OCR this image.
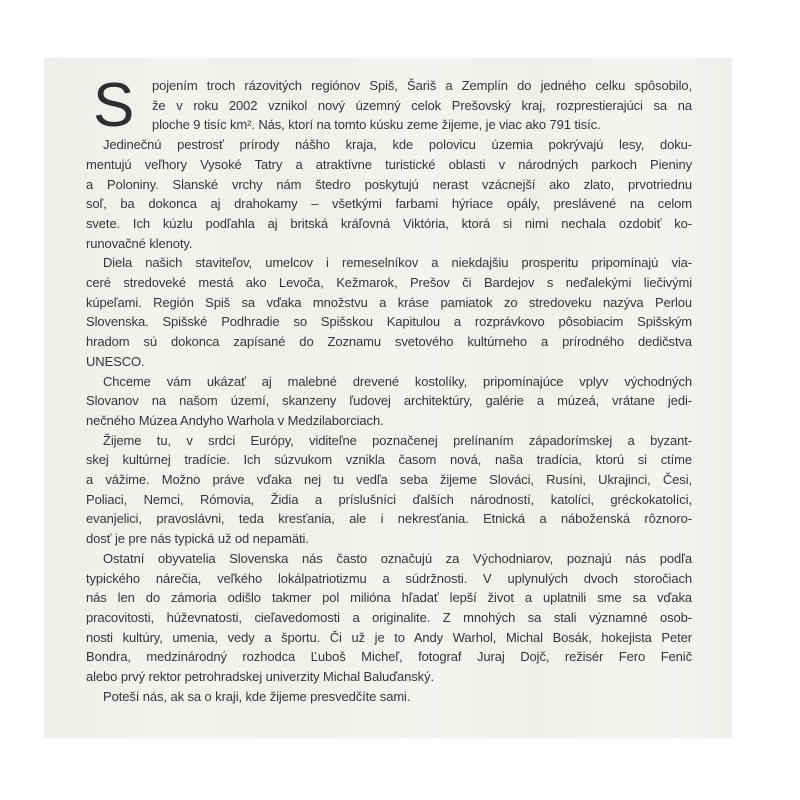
S	pojením troch rázovitých regiónov Spiš, Šariš a Zemplín do jedného celku spôsobilo,
že v roku 2002 vznikol nový územný celok Prešovský kraj, rozprestierajúci sa na
ploche 9 tisíc km². Nás, ktorí na tomto kúsku zeme žijeme, je viac ako 791 tisíc.
Jedinečnú pestrosť prírody nášho kraja, kde polovicu územia pokrývajú lesy, doku-
mentujú veľhory Vysoké Tatry a atraktívne turistické oblasti v národných parkoch Pieniny
a Poloniny. Slanské vrchy nám štedro poskytujú nerast vzácnejší ako zlato, prvotriednu
soľ, ba dokonca aj drahokamy – všetkými farbami hýriace opály, preslávené na celom
svete. Ich kúzlu podľahla aj britská kráľovná Viktória, ktorá si nimi nechala ozdobiť ko-
runovačné klenoty.
Diela našich staviteľov, umelcov i remeselníkov a niekdajšiu prosperitu pripomínajú via-
ceré stredoveké mestá ako Levoča, Kežmarok, Prešov či Bardejov s neďalekými liečivými
kúpeľami. Región Spiš sa vďaka množstvu a kráse pamiatok zo stredoveku nazýva Perlou
Slovenska. Spišské Podhradie so Spišskou Kapitulou a rozprávkovo pôsobiacim Spišským
hradom sú dokonca zapísané do Zoznamu svetového kultúrneho a prírodného dedičstva
UNESCO.
Chceme vám ukázať aj malebné drevené kostolíky, pripomínajúce vplyv východných
Slovanov na našom území, skanzeny ľudovej architektúry, galérie a múzeá, vrátane jedi-
nečného Múzea Andyho Warhola v Medzilaborciach.
Žijeme tu, v srdci Európy, viditeľne poznačenej prelínaním západorímskej a byzant-
skej kultúrnej tradície. Ich súzvukom vznikla časom nová, naša tradícia, ktorú si ctíme
a vážime. Možno práve vďaka nej tu vedľa seba žijeme Slováci, Rusíni, Ukrajinci, Česi,
Poliaci, Nemci, Rómovia, Židia a príslušníci ďalších národností, katolíci, gréckokatolíci,
evanjelici, pravoslávni, teda kresťania, ale i nekresťania. Etnická a náboženská rôznoro-
dosť je pre nás typická už od nepamäti.
Ostatní obyvatelia Slovenska nás často označujú za Východniarov, poznajú nás podľa
typického nárečia, veľkého lokálpatriotizmu a súdržnosti. V uplynulých dvoch storočiach
nás len do zámoria odišlo takmer pol milióna hľadať lepší život a uplatnili sme sa vďaka
pracovitosti, húževnatosti, cieľavedomosti a originalite. Z mnohých sa stali významné osob-
nosti kultúry, umenia, vedy a športu. Či už je to Andy Warhol, Michal Bosák, hokejista Peter
Bondra, medzinárodný rozhodca Ľuboš Micheľ, fotograf Juraj Dojč, režisér Fero Fenič
alebo prvý rektor petrohradskej univerzity Michal Baluďanský.
Poteší nás, ak sa o kraji, kde žijeme presvedčíte sami.
